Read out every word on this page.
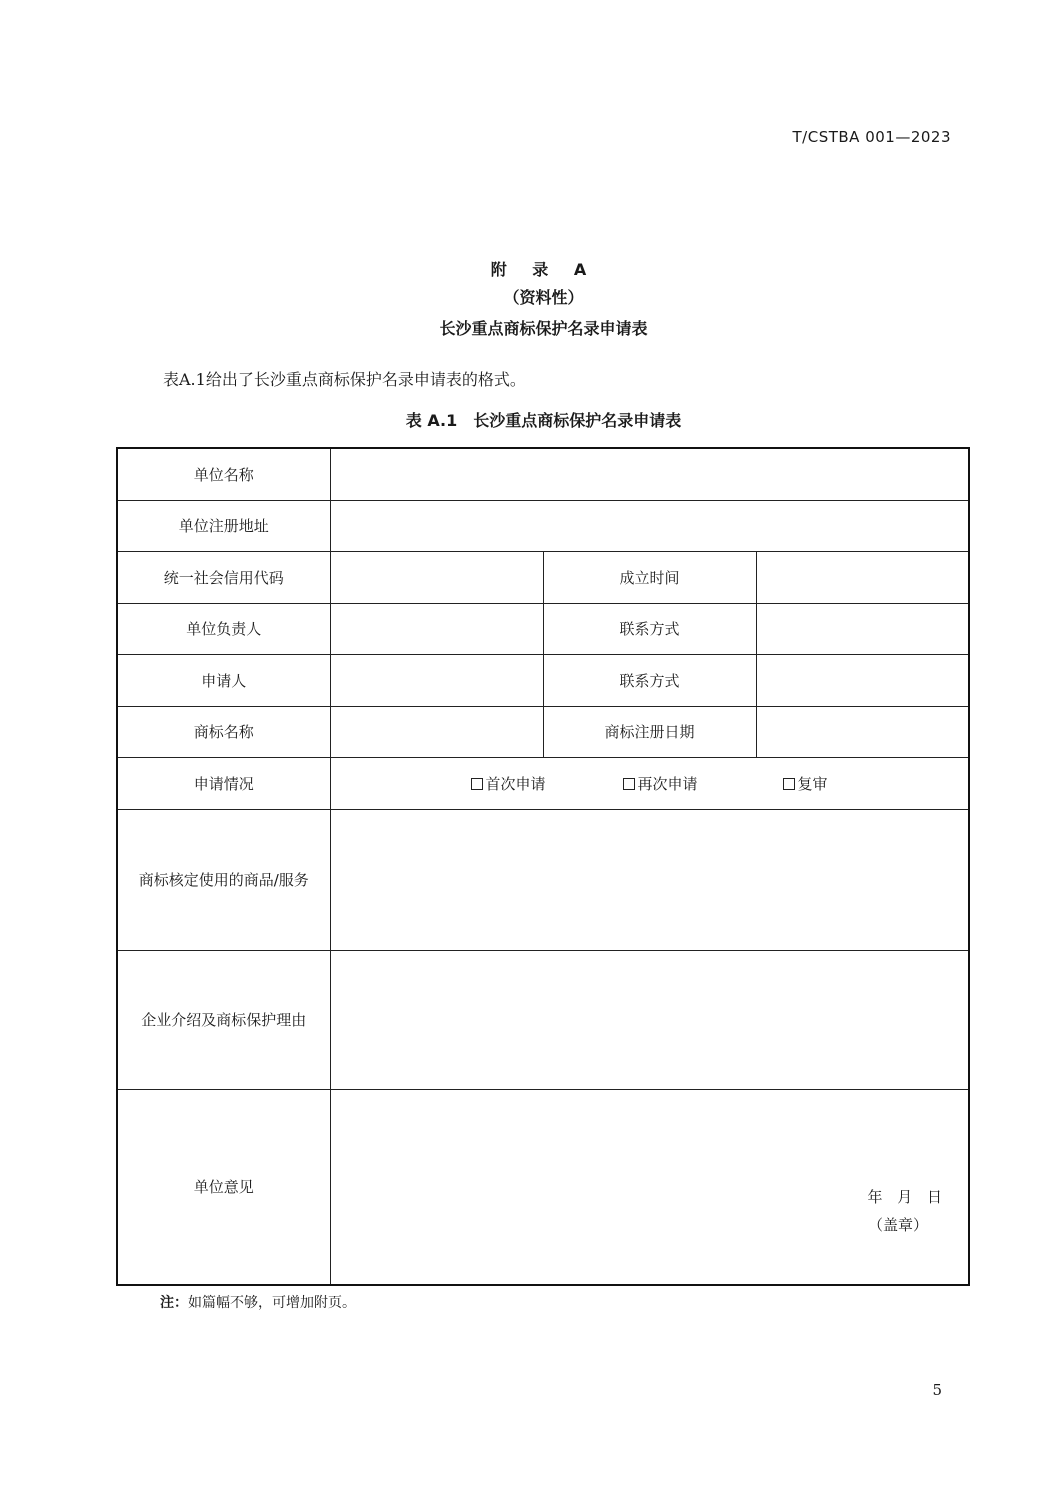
T/CSTBA 001—2023
附 录 A
（资料性）
长沙重点商标保护名录申请表
表A.1给出了长沙重点商标保护名录申请表的格式。
表 A.1　长沙重点商标保护名录申请表
单位名称			
单位注册地址			
统一社会信用代码		成立时间	
单位负责人		联系方式	
申请人		联系方式	
商标名称		商标注册日期	
申请情况	首次申请 再次申请 复审		

商标核定使用的商品/服务			
企业介绍及商标保护理由			
单位意见	年 月 日
（盖章）		
注：如篇幅不够，可增加附页。
5
